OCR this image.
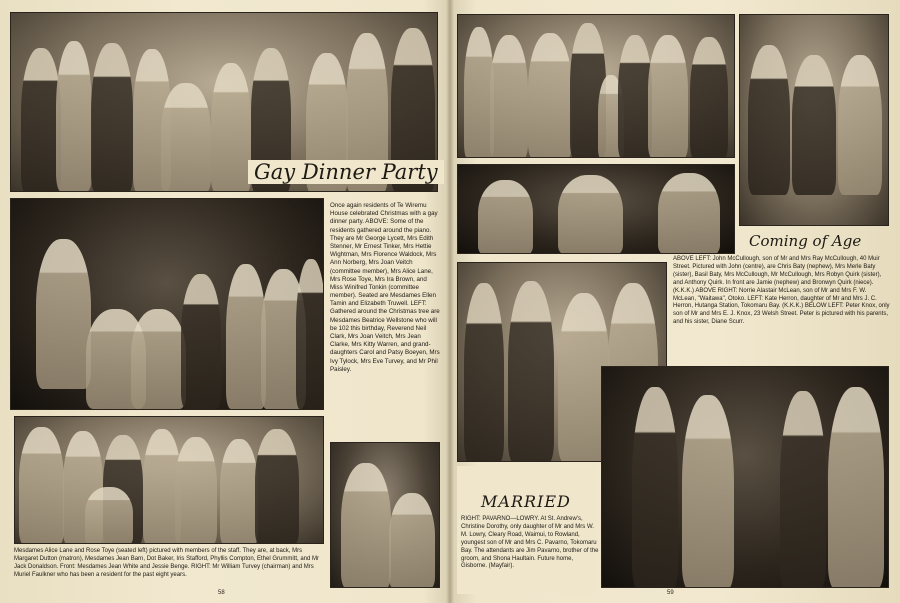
Gay Dinner Party
Once again residents of Te Wiremu House celebrated Christmas with a gay dinner party. ABOVE: Some of the residents gathered around the piano. They are Mr George Lycett, Mrs Edith Stenner, Mr Ernest Tinker, Mrs Hettie Wightman, Mrs Florence Waldock, Mrs Ann Norberg, Mrs Joan Veitch (committee member), Mrs Alice Lane, Mrs Rose Toye, Mrs Ira Brown, and Miss Winifred Tonkin (committee member). Seated are Mesdames Ellen Tamin and Elizabeth Truwell. LEFT: Gathered around the Christmas tree are Mesdames Beatrice Wellstone who will be 102 this birthday, Reverend Neil Clark, Mrs Joan Veitch, Mrs Jean Clarke, Mrs Kitty Warren, and grand-daughters Carol and Patsy Boeyen, Mrs Ivy Tylock, Mrs Eve Turvey, and Mr Phil Paisley.
Mesdames Alice Lane and Rose Toye (seated left) pictured with members of the staff. They are, at back, Mrs Margaret Dutton (matron), Mesdames Jean Barn, Dot Baker, Iris Stafford, Phyllis Compton, Ethel Grummitt, and Mr Jack Donaldson. Front: Mesdames Jean White and Jessie Benge. RIGHT: Mr William Turvey (chairman) and Mrs Muriel Faulkner who has been a resident for the past eight years.
58
Coming of Age
ABOVE LEFT: John McCullough, son of Mr and Mrs Ray McCullough, 40 Muir Street. Pictured with John (centre), are Chris Baty (nephew), Mrs Merle Baty (sister), Basil Baty, Mrs McCullough, Mr McCullough, Mrs Robyn Quirk (sister), and Anthony Quirk. In front are Jamie (nephew) and Bronwyn Quirk (niece). (K.K.K.) ABOVE RIGHT: Norrie Alastair McLean, son of Mr and Mrs F. W. McLean, "Waitawa", Otoko. LEFT: Kate Herron, daughter of Mr and Mrs J. C. Herron, Hutanga Station, Tokomaru Bay. (K.K.K.) BELOW LEFT: Peter Knox, only son of Mr and Mrs E. J. Knox, 23 Welsh Street. Peter is pictured with his parents, and his sister, Diane Scurr.
MARRIED
RIGHT: PAVARNO—LOWRY. At St. Andrew's, Christine Dorothy, only daughter of Mr and Mrs W. M. Lowry, Cleary Road, Waimui, to Rowland, youngest son of Mr and Mrs C. Pavarno, Tokomaru Bay. The attendants are Jim Pavarno, brother of the groom, and Shona Haultain. Future home, Gisborne. (Mayfair).
59
